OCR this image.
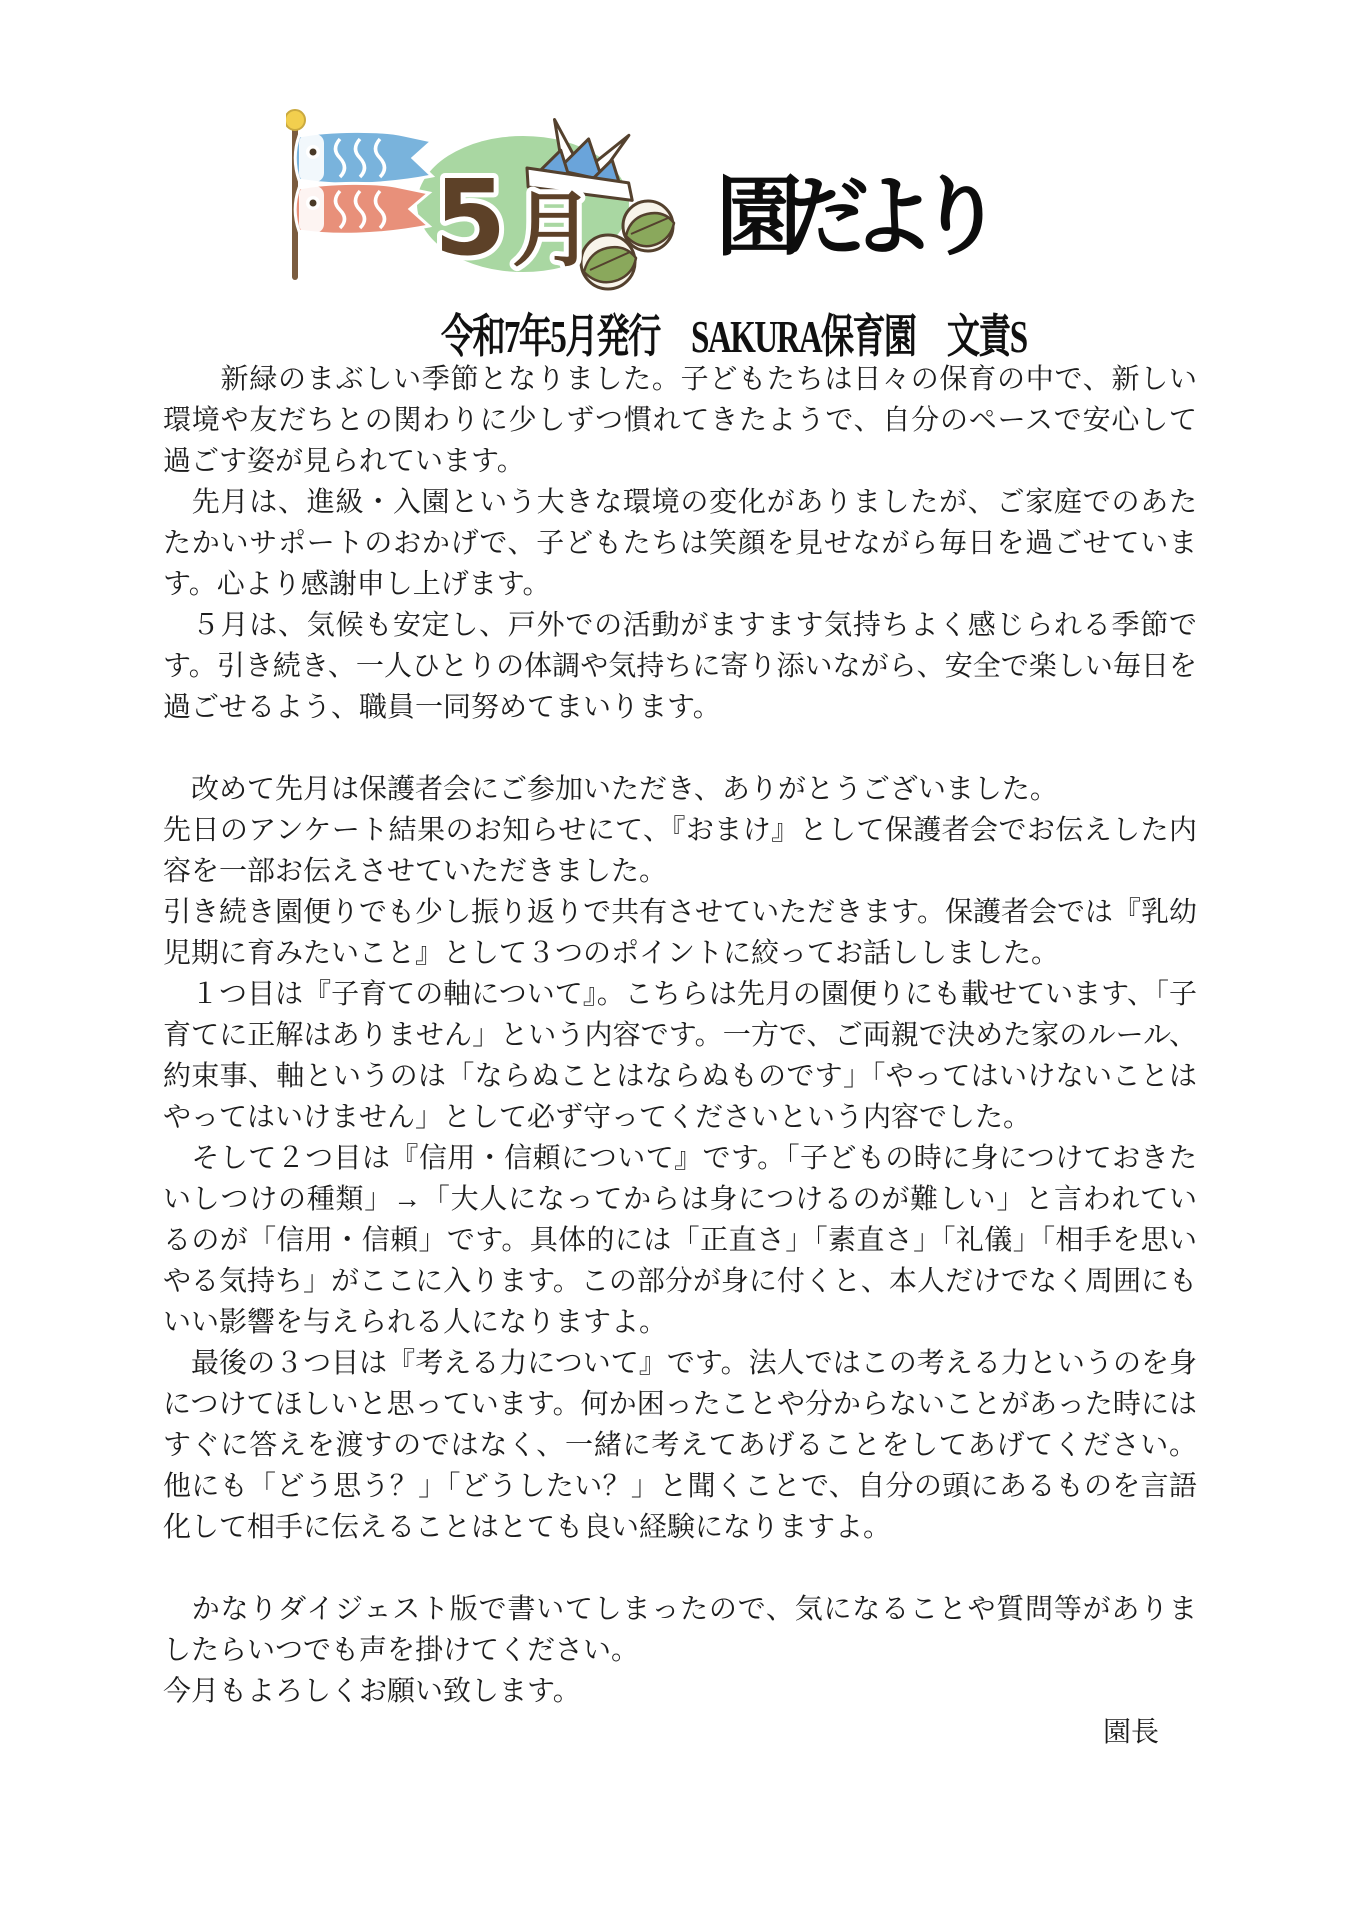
5 月 園だより
令和7年5月発行　SAKURA保育園　文責S

　　新緑のまぶしい季節となりました。子どもたちは日々の保育の中で、新しい環境や友だちとの関わりに少しずつ慣れてきたようで、自分のペースで安心して過ごす姿が見られています。

　先月は、進級・入園という大きな環境の変化がありましたが、ご家庭でのあたたかいサポートのおかげで、子どもたちは笑顔を見せながら毎日を過ごせています。心より感謝申し上げます。

　５月は、気候も安定し、戸外での活動がますます気持ちよく感じられる季節です。引き続き、一人ひとりの体調や気持ちに寄り添いながら、安全で楽しい毎日を過ごせるよう、職員一同努めてまいります。

　改めて先月は保護者会にご参加いただき、ありがとうございました。

先日のアンケート結果のお知らせにて、『おまけ』として保護者会でお伝えした内容を一部お伝えさせていただきました。

引き続き園便りでも少し振り返りで共有させていただきます。保護者会では『乳幼児期に育みたいこと』として３つのポイントに絞ってお話ししました。

　１つ目は『子育ての軸について』。こちらは先月の園便りにも載せています、「子育てに正解はありません」という内容です。一方で、ご両親で決めた家のルール、約束事、軸というのは「ならぬことはならぬものです」「やってはいけないことはやってはいけません」として必ず守ってくださいという内容でした。

　そして２つ目は『信用・信頼について』です。「子どもの時に身につけておきたいしつけの種類」→「大人になってからは身につけるのが難しい」と言われているのが「信用・信頼」です。具体的には「正直さ」「素直さ」「礼儀」「相手を思いやる気持ち」がここに入ります。この部分が身に付くと、本人だけでなく周囲にもいい影響を与えられる人になりますよ。

　最後の３つ目は『考える力について』です。法人ではこの考える力というのを身につけてほしいと思っています。何か困ったことや分からないことがあった時にはすぐに答えを渡すのではなく、一緒に考えてあげることをしてあげてください。他にも「どう思う？」「どうしたい？」と聞くことで、自分の頭にあるものを言語化して相手に伝えることはとても良い経験になりますよ。

　かなりダイジェスト版で書いてしまったので、気になることや質問等がありましたらいつでも声を掛けてください。

今月もよろしくお願い致します。

園長
